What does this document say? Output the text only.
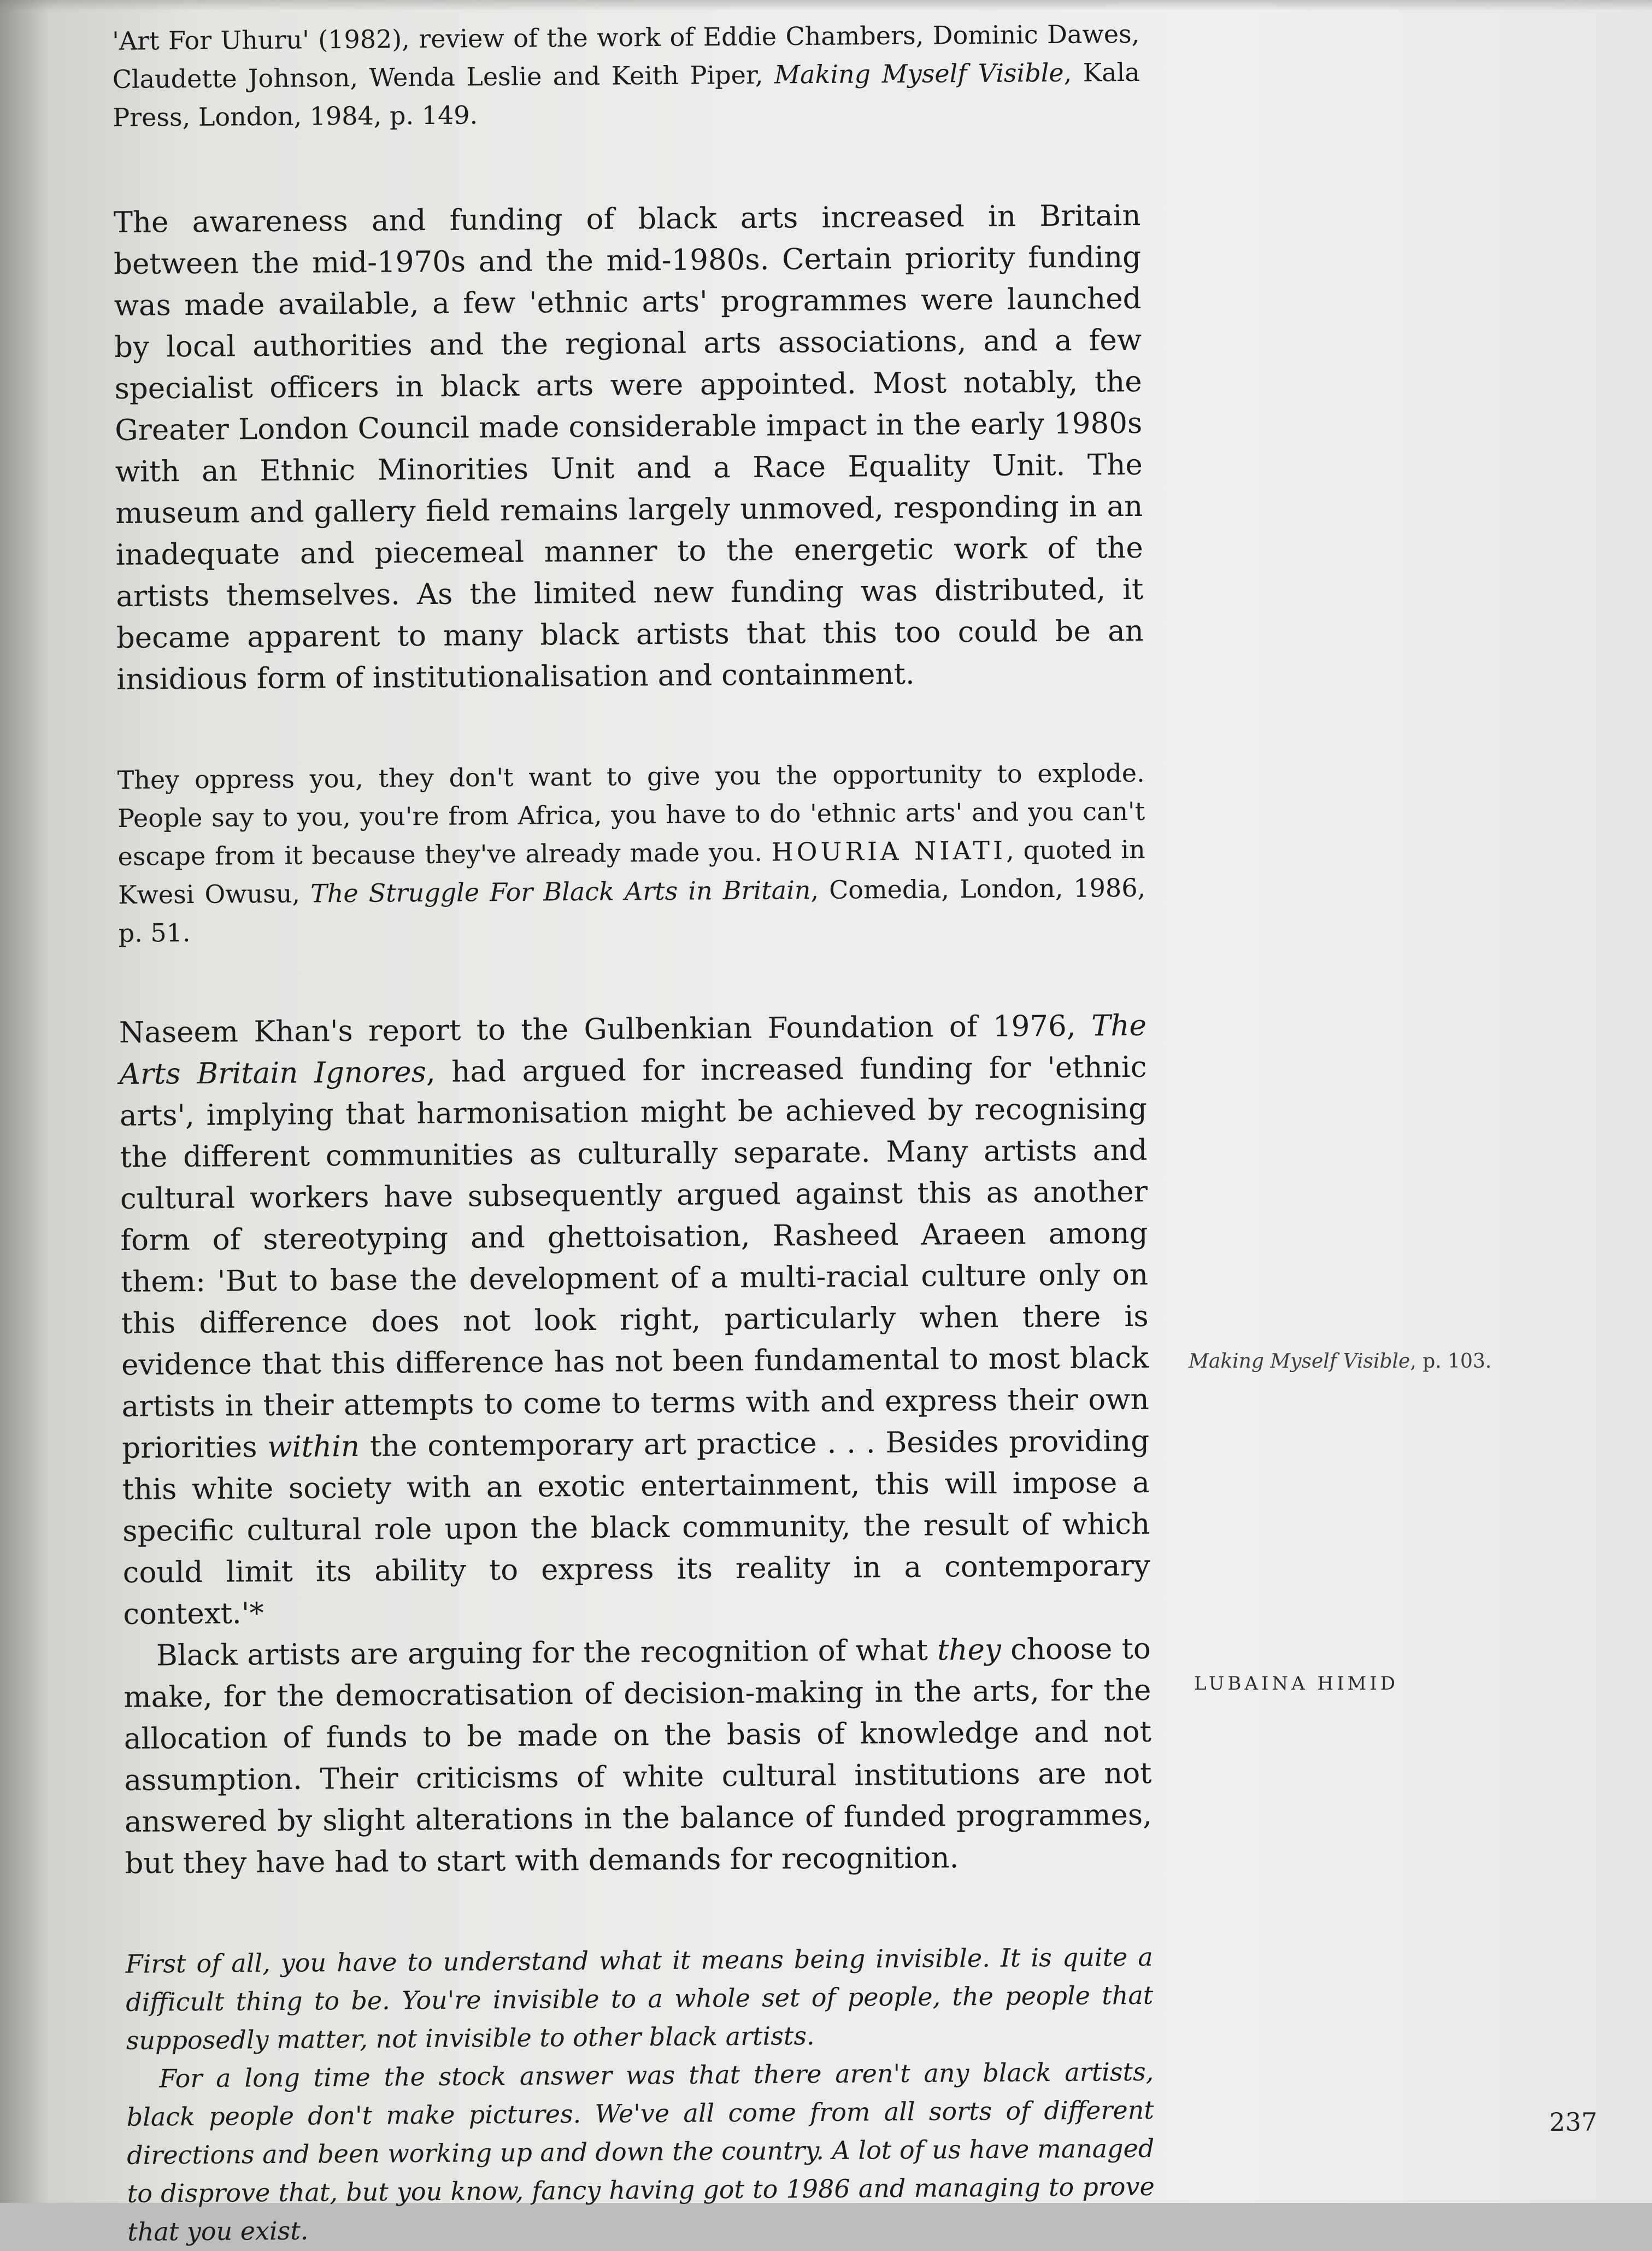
'Art For Uhuru' (1982), review of the work of Eddie Chambers, Dominic Dawes, Claudette Johnson, Wenda Leslie and Keith Piper, Making Myself Visible, Kala Press, London, 1984, p. 149.

The awareness and funding of black arts increased in Britain between the mid-1970s and the mid-1980s. Certain priority funding was made available, a few 'ethnic arts' programmes were launched by local authorities and the regional arts associations, and a few specialist officers in black arts were appointed. Most notably, the Greater London Council made considerable impact in the early 1980s with an Ethnic Minorities Unit and a Race Equality Unit. The museum and gallery field remains largely unmoved, responding in an inadequate and piecemeal manner to the energetic work of the artists themselves. As the limited new funding was distributed, it became apparent to many black artists that this too could be an insidious form of institutionalisation and containment.

They oppress you, they don't want to give you the opportunity to explode. People say to you, you're from Africa, you have to do 'ethnic arts' and you can't escape from it because they've already made you. HOURIA NIATI, quoted in Kwesi Owusu, The Struggle For Black Arts in Britain, Comedia, London, 1986, p. 51.

Naseem Khan's report to the Gulbenkian Foundation of 1976, The Arts Britain Ignores, had argued for increased funding for 'ethnic arts', implying that harmonisation might be achieved by recognising the different communities as culturally separate. Many artists and cultural workers have subsequently argued against this as another form of stereotyping and ghettoisation, Rasheed Araeen among them: 'But to base the development of a multi-racial culture only on this difference does not look right, particularly when there is evidence that this difference has not been fundamental to most black artists in their attempts to come to terms with and express their own priorities within the contemporary art practice . . . Besides providing this white society with an exotic entertainment, this will impose a specific cultural role upon the black community, the result of which could limit its ability to express its reality in a contemporary context.'*

Black artists are arguing for the recognition of what they choose to make, for the democratisation of decision-making in the arts, for the allocation of funds to be made on the basis of knowledge and not assumption. Their criticisms of white cultural institutions are not answered by slight alterations in the balance of funded programmes, but they have had to start with demands for recognition.

First of all, you have to understand what it means being invisible. It is quite a difficult thing to be. You're invisible to a whole set of people, the people that supposedly matter, not invisible to other black artists.

For a long time the stock answer was that there aren't any black artists, black people don't make pictures. We've all come from all sorts of different directions and been working up and down the country. A lot of us have managed to disprove that, but you know, fancy having got to 1986 and managing to prove that you exist.

Making Myself Visible, p. 103.
LUBAINA HIMID
237
